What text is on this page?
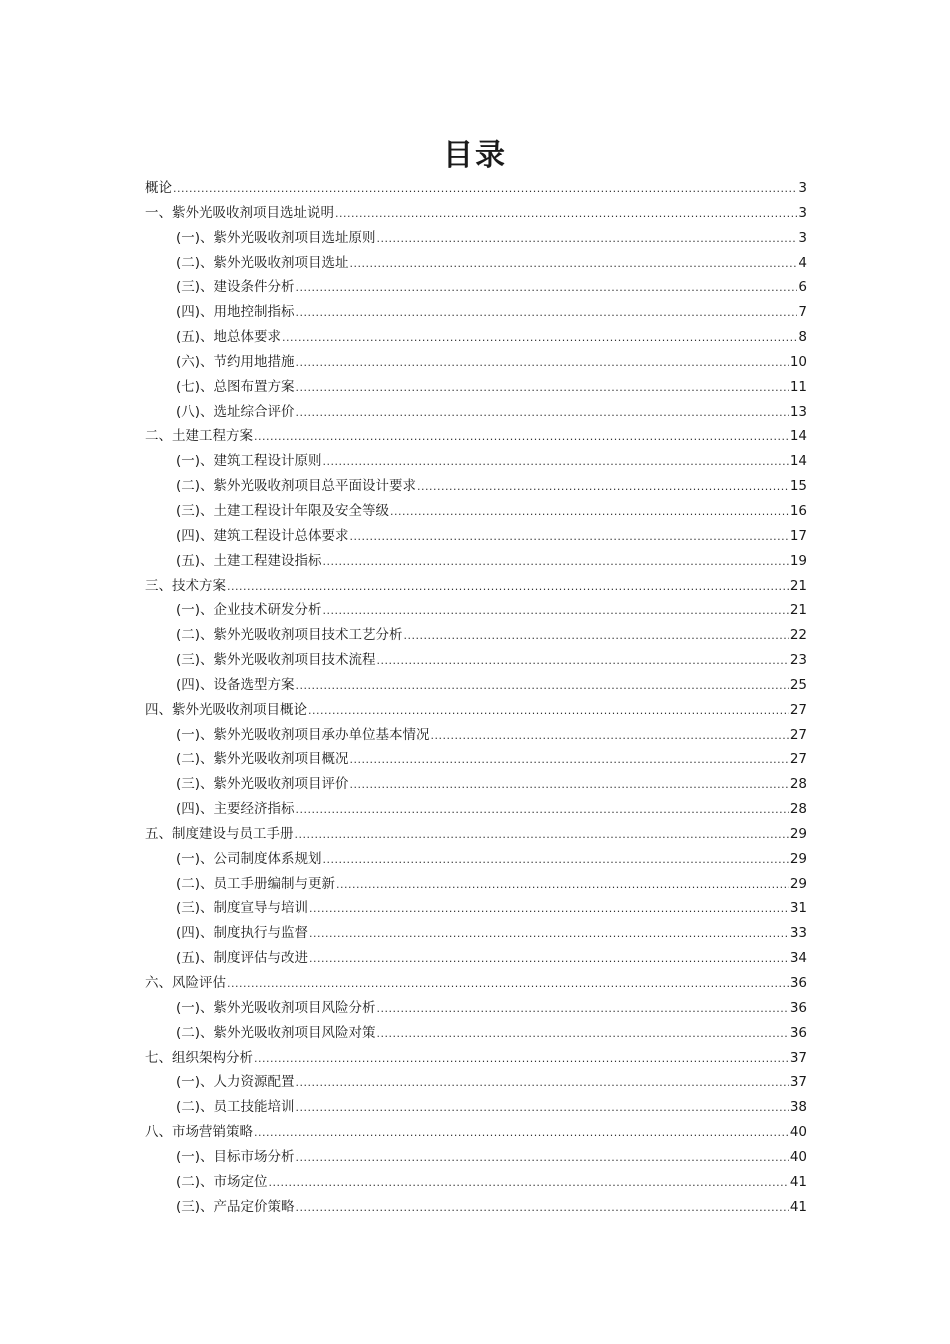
目录
概论 .....	3
一、紫外光吸收剂项目选址说明 .....	3
(一)、紫外光吸收剂项目选址原则 .....	3
(二)、紫外光吸收剂项目选址 .....	4
(三)、建设条件分析 .....	6
(四)、用地控制指标 .....	7
(五)、地总体要求 .....	8
(六)、节约用地措施 .....	10
(七)、总图布置方案 .....	11
(八)、选址综合评价 .....	13
二、土建工程方案 .....	14
(一)、建筑工程设计原则 .....	14
(二)、紫外光吸收剂项目总平面设计要求 .....	15
(三)、土建工程设计年限及安全等级 .....	16
(四)、建筑工程设计总体要求 .....	17
(五)、土建工程建设指标 .....	19
三、技术方案 .....	21
(一)、企业技术研发分析 .....	21
(二)、紫外光吸收剂项目技术工艺分析 .....	22
(三)、紫外光吸收剂项目技术流程 .....	23
(四)、设备选型方案 .....	25
四、紫外光吸收剂项目概论 .....	27
(一)、紫外光吸收剂项目承办单位基本情况 .....	27
(二)、紫外光吸收剂项目概况 .....	27
(三)、紫外光吸收剂项目评价 .....	28
(四)、主要经济指标 .....	28
五、制度建设与员工手册 .....	29
(一)、公司制度体系规划 .....	29
(二)、员工手册编制与更新 .....	29
(三)、制度宣导与培训 .....	31
(四)、制度执行与监督 .....	33
(五)、制度评估与改进 .....	34
六、风险评估 .....	36
(一)、紫外光吸收剂项目风险分析 .....	36
(二)、紫外光吸收剂项目风险对策 .....	36
七、组织架构分析 .....	37
(一)、人力资源配置 .....	37
(二)、员工技能培训 .....	38
八、市场营销策略 .....	40
(一)、目标市场分析 .....	40
(二)、市场定位 .....	41
(三)、产品定价策略 .....	41
